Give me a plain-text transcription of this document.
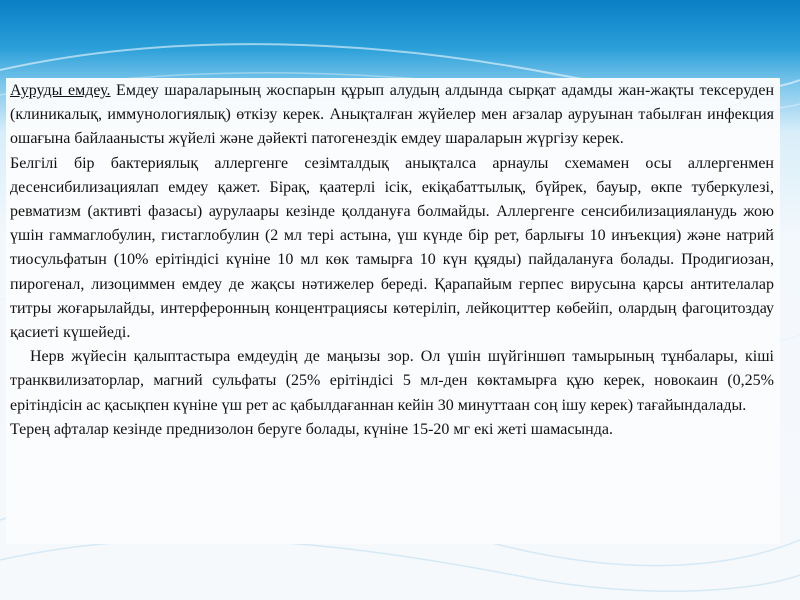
Ауруды емдеу. Емдеу шараларының жоспарын құрып алудың алдында сырқат адамды жан-жақты тексеруден (клиникалық, иммунологиялық) өткізу керек. Анықталған жүйелер мен ағзалар ауруынан табылған инфекция ошағына байлааныcты жүйелі және дәйекті патогенездік емдеу шараларын жүргізу керек.

Белгілі бір бактериялық аллергенге сезімталдық анықталса арнаулы схемамен осы аллергенмен десенсибилизациялап емдеу қажет. Бірақ, қаатерлі ісік, екіқабаттылық, бүйрек, бауыр, өкпе туберкулезі, ревматизм (активті фазасы) аурулаары кезінде қолдануға болмайды. Аллергенге сенсибилизацияланудь жою үшін гаммаглобулин, гистаглобулин (2 мл тері астына, үш күнде бір рет, барлығы 10 инъекция) және натрий тиосульфатын (10% ерітіндісі күніне 10 мл көк тамырға 10 күн құяды) пайдалануға болады. Продигиозан, пирогенал, лизоциммен емдеу де жақсы нәтижелер береді. Қарапайым герпес вирусына қарсы антителалар титры жоғарылайды, интерферонның концентрациясы көтеріліп, лейкоциттер көбейіп, олардың фагоцитоздау қасиеті күшейеді.

Нерв жүйесін қалыптастыра емдеудің де маңызы зор. Ол үшін шүйгіншөп тамырының тұнбалары, кіші транквилизаторлар, магний сульфаты (25% ерітіндісі 5 мл-ден көктамырға құю керек, новокаин (0,25% ерітіндісін ас қасықпен күніне үш рет ас қабылдағаннан кейін 30 минуттаан соң ішу керек) тағайындалады.

Терең афталар кезінде преднизолон беруге болады, күніне 15-20 мг екі жеті шамасында.
